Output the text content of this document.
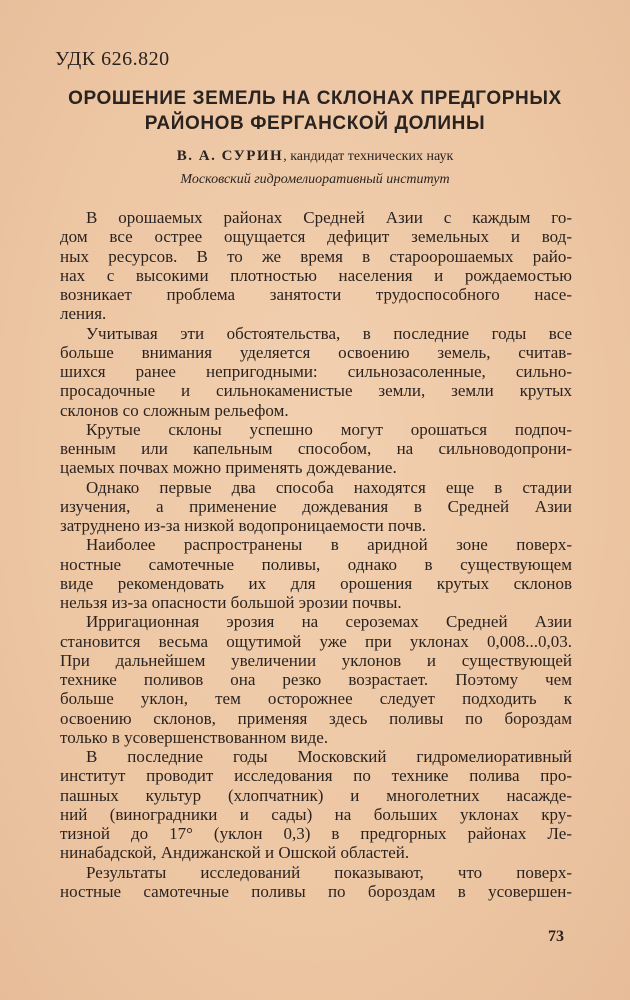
УДК 626.820
ОРОШЕНИЕ ЗЕМЕЛЬ НА СКЛОНАХ ПРЕДГОРНЫХ
РАЙОНОВ ФЕРГАНСКОЙ ДОЛИНЫ
В. А. СУРИН, кандидат технических наук
Московский гидромелиоративный институт
В орошаемых районах Средней Азии с каждым го-
дом все острее ощущается дефицит земельных и вод-
ных ресурсов. В то же время в староорошаемых райо-
нах с высокими плотностью населения и рождаемостью
возникает проблема занятости трудоспособного насе-
ления.
Учитывая эти обстоятельства, в последние годы все
больше внимания уделяется освоению земель, считав-
шихся ранее непригодными: сильнозасоленные, сильно-
просадочные и сильнокаменистые земли, земли крутых
склонов со сложным рельефом.
Крутые склоны успешно могут орошаться подпоч-
венным или капельным способом, на сильноводопрони-
цаемых почвах можно применять дождевание.
Однако первые два способа находятся еще в стадии
изучения, а применение дождевания в Средней Азии
затруднено из-за низкой водопроницаемости почв.
Наиболее распространены в аридной зоне поверх-
ностные самотечные поливы, однако в существующем
виде рекомендовать их для орошения крутых склонов
нельзя из-за опасности большой эрозии почвы.
Ирригационная эрозия на сероземах Средней Азии
становится весьма ощутимой уже при уклонах 0,008...0,03.
При дальнейшем увеличении уклонов и существующей
технике поливов она резко возрастает. Поэтому чем
больше уклон, тем осторожнее следует подходить к
освоению склонов, применяя здесь поливы по бороздам
только в усовершенствованном виде.
В последние годы Московский гидромелиоративный
институт проводит исследования по технике полива про-
пашных культур (хлопчатник) и многолетних насажде-
ний (виноградники и сады) на больших уклонах кру-
тизной до 17° (уклон 0,3) в предгорных районах Ле-
нинабадской, Андижанской и Ошской областей.
Результаты исследований показывают, что поверх-
ностные самотечные поливы по бороздам в усовершен-
73
